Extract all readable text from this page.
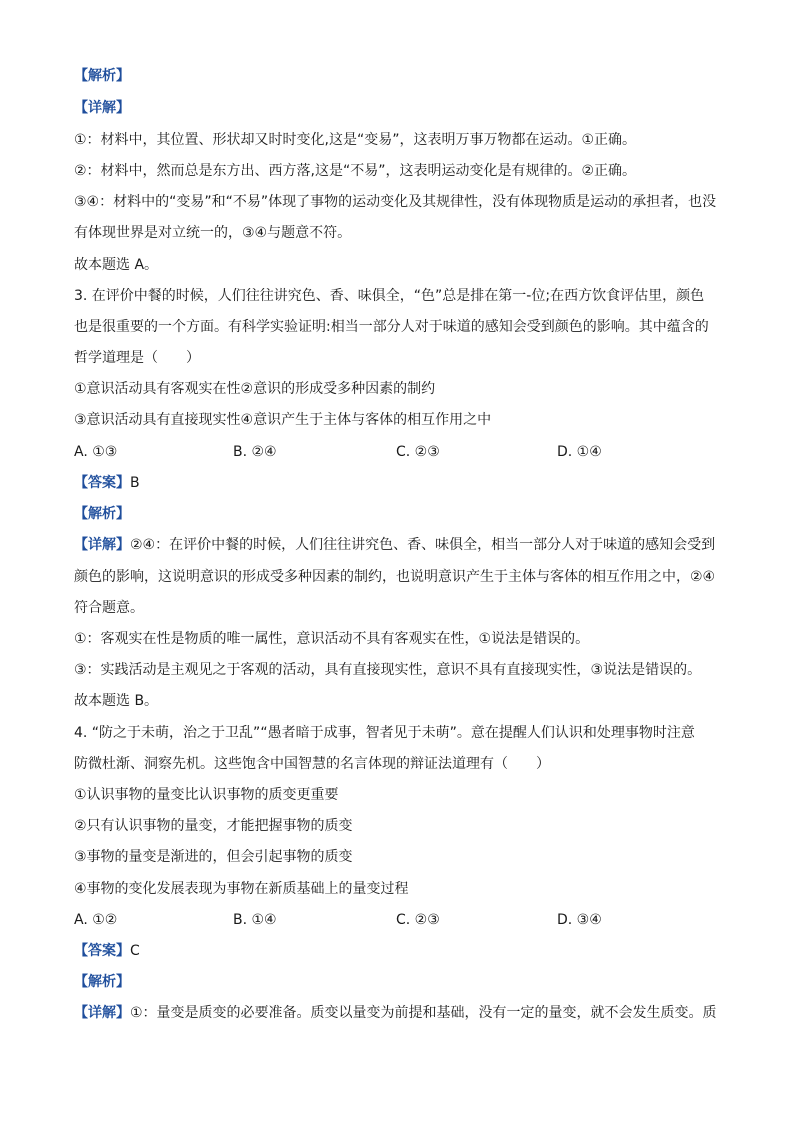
【解析】
【详解】
①：材料中，其位置、形状却又时时变化,这是“变易”，这表明万事万物都在运动。①正确。
②：材料中，然而总是东方出、西方落,这是“不易”，这表明运动变化是有规律的。②正确。
③④：材料中的“变易”和“不易”体现了事物的运动变化及其规律性，没有体现物质是运动的承担者，也没
有体现世界是对立统一的，③④与题意不符。
故本题选 A。
3. 在评价中餐的时候，人们往往讲究色、香、味俱全，“色”总是排在第一-位;在西方饮食评估里，颜色
也是很重要的一个方面。有科学实验证明:相当一部分人对于味道的感知会受到颜色的影响。其中蕴含的
哲学道理是（　　）
①意识活动具有客观实在性②意识的形成受多种因素的制约
③意识活动具有直接现实性④意识产生于主体与客体的相互作用之中
A. ①③	B. ②④	C. ②③	D. ①④
【答案】B
【解析】
【详解】②④：在评价中餐的时候，人们往往讲究色、香、味俱全，相当一部分人对于味道的感知会受到
颜色的影响，这说明意识的形成受多种因素的制约，也说明意识产生于主体与客体的相互作用之中，②④
符合题意。
①：客观实在性是物质的唯一属性，意识活动不具有客观实在性，①说法是错误的。
③：实践活动是主观见之于客观的活动，具有直接现实性，意识不具有直接现实性，③说法是错误的。
故本题选 B。
4. “防之于未萌，治之于卫乱”“愚者暗于成事，智者见于未萌”。意在提醒人们认识和处理事物时注意
防微杜渐、洞察先机。这些饱含中国智慧的名言体现的辩证法道理有（　　）
①认识事物的量变比认识事物的质变更重要
②只有认识事物的量变，才能把握事物的质变
③事物的量变是渐进的，但会引起事物的质变
④事物的变化发展表现为事物在新质基础上的量变过程
A. ①②	B. ①④	C. ②③	D. ③④
【答案】C
【解析】
【详解】①：量变是质变的必要准备。质变以量变为前提和基础，没有一定的量变，就不会发生质变。质
